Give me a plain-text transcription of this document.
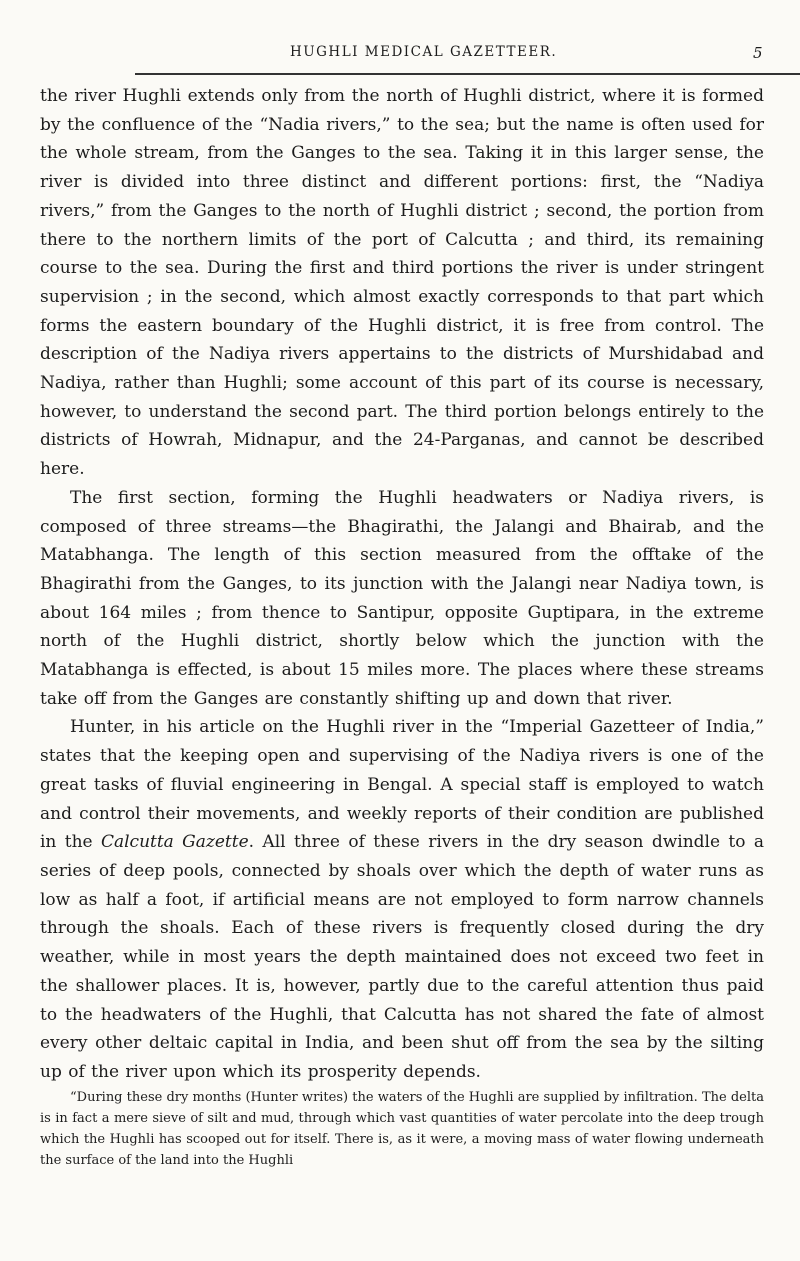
HUGHLI MEDICAL GAZETTEER.	5

the river Hughli extends only from the north of Hughli district, where it is formed by the confluence of the “Nadia rivers,” to the sea; but the name is often used for the whole stream, from the Ganges to the sea. Taking it in this larger sense, the river is divided into three distinct and different portions: first, the “Nadiya rivers,” from the Ganges to the north of Hughli district ; second, the portion from there to the northern limits of the port of Calcutta ; and third, its remaining course to the sea. During the first and third portions the river is under stringent supervision ; in the second, which almost exactly corresponds to that part which forms the eastern boundary of the Hughli district, it is free from control. The description of the Nadiya rivers appertains to the districts of Murshidabad and Nadiya, rather than Hughli; some account of this part of its course is necessary, however, to understand the second part. The third portion belongs entirely to the districts of Howrah, Midnapur, and the 24-Parganas, and cannot be described here.

The first section, forming the Hughli headwaters or Nadiya rivers, is composed of three streams—the Bhagirathi, the Jalangi and Bhairab, and the Matabhanga. The length of this section measured from the offtake of the Bhagirathi from the Ganges, to its junction with the Jalangi near Nadiya town, is about 164 miles ; from thence to Santipur, opposite Guptipara, in the extreme north of the Hughli district, shortly below which the junction with the Matabhanga is effected, is about 15 miles more. The places where these streams take off from the Ganges are constantly shifting up and down that river.

Hunter, in his article on the Hughli river in the “Imperial Gazetteer of India,” states that the keeping open and supervising of the Nadiya rivers is one of the great tasks of fluvial engineering in Bengal. A special staff is employed to watch and control their movements, and weekly reports of their condition are published in the Calcutta Gazette. All three of these rivers in the dry season dwindle to a series of deep pools, connected by shoals over which the depth of water runs as low as half a foot, if artificial means are not employed to form narrow channels through the shoals. Each of these rivers is frequently closed during the dry weather, while in most years the depth maintained does not exceed two feet in the shallower places. It is, however, partly due to the careful attention thus paid to the headwaters of the Hughli, that Calcutta has not shared the fate of almost every other deltaic capital in India, and been shut off from the sea by the silting up of the river upon which its prosperity depends.

“During these dry months (Hunter writes) the waters of the Hughli are supplied by infiltration. The delta is in fact a mere sieve of silt and mud, through which vast quantities of water percolate into the deep trough which the Hughli has scooped out for itself. There is, as it were, a moving mass of water flowing underneath the surface of the land into the Hughli
